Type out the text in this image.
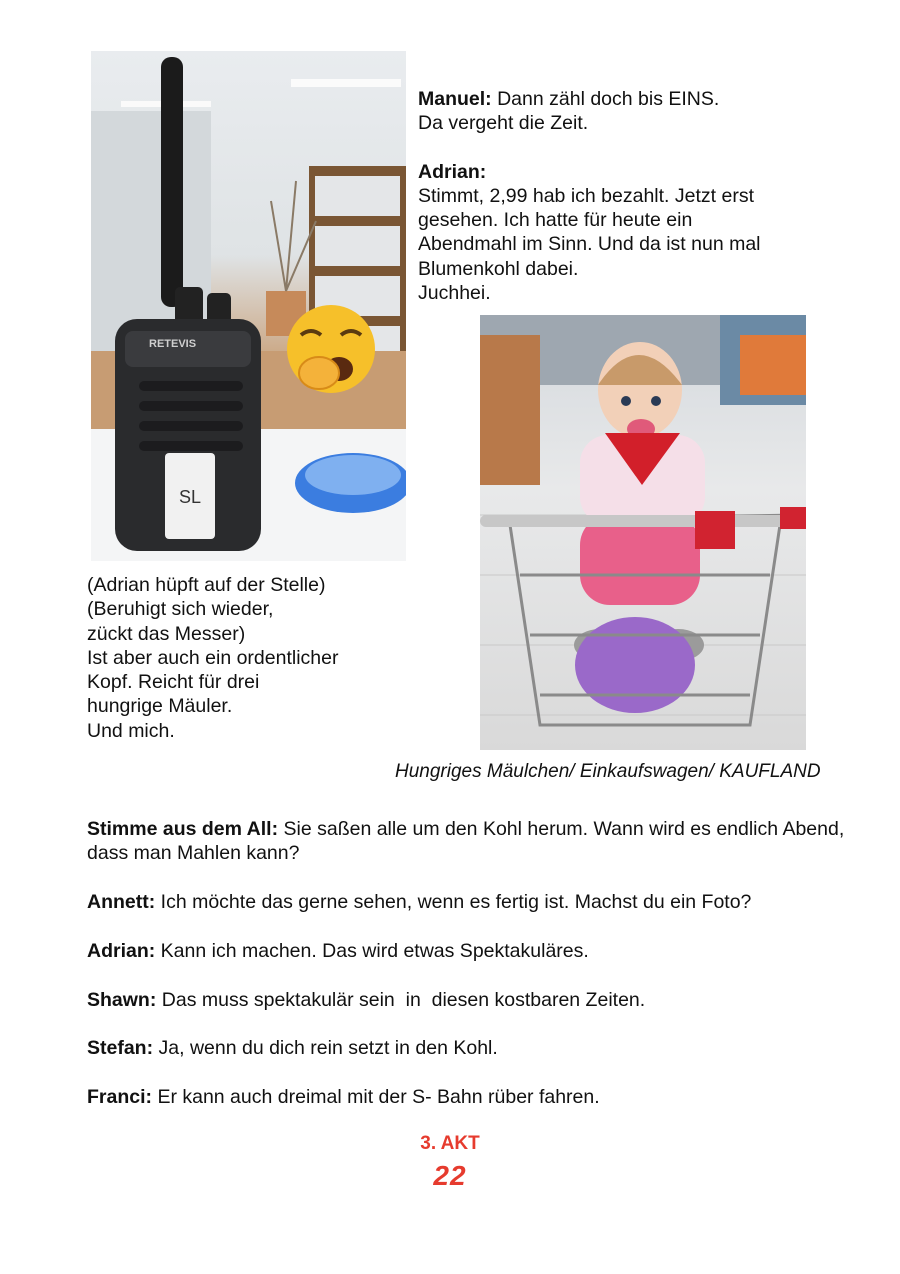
RETEVIS
SL
Manuel: Dann zähl doch bis EINS.
Da vergeht die Zeit.
Adrian:
Stimmt, 2,99 hab ich bezahlt. Jetzt erst
gesehen. Ich hatte für heute ein
Abendmahl im Sinn. Und da ist nun mal
Blumenkohl dabei.
Juchhei.
(Adrian hüpft auf der Stelle)
(Beruhigt sich wieder,
zückt das Messer)
Ist aber auch ein ordentlicher
Kopf. Reicht für drei
hungrige Mäuler.
Und mich.
Hungriges Mäulchen/ Einkaufswagen/ KAUFLAND

Stimme aus dem All: Sie saßen alle um den Kohl herum. Wann wird es endlich Abend, dass man Mahlen kann?

Annett: Ich möchte das gerne sehen, wenn es fertig ist. Machst du ein Foto?

Adrian: Kann ich machen. Das wird etwas Spektakuläres.

Shawn: Das muss spektakulär sein  in  diesen kostbaren Zeiten.

Stefan: Ja, wenn du dich rein setzt in den Kohl.

Franci: Er kann auch dreimal mit der S- Bahn rüber fahren.

3. AKT
22
